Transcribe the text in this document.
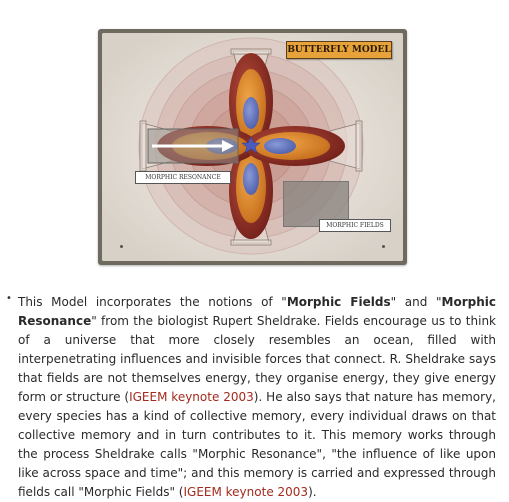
BUTTERFLY MODEL
MORPHIC RESONANCE
MORPHIC FIELDS
• This Model incorporates the notions of "Morphic Fields" and "Morphic Resonance" from the biologist Rupert Sheldrake. Fields encourage us to think of a universe that more closely resembles an ocean, filled with interpenetrating influences and invisible forces that connect. R. Sheldrake says that fields are not themselves energy, they organise energy, they give energy form or structure (IGEEM keynote 2003). He also says that nature has memory, every species has a kind of collective memory, every individual draws on that collective memory and in turn contributes to it. This memory works through the process Sheldrake calls "Morphic Resonance", "the influence of like upon like across space and time"; and this memory is carried and expressed through fields call "Morphic Fields" (IGEEM keynote 2003).
